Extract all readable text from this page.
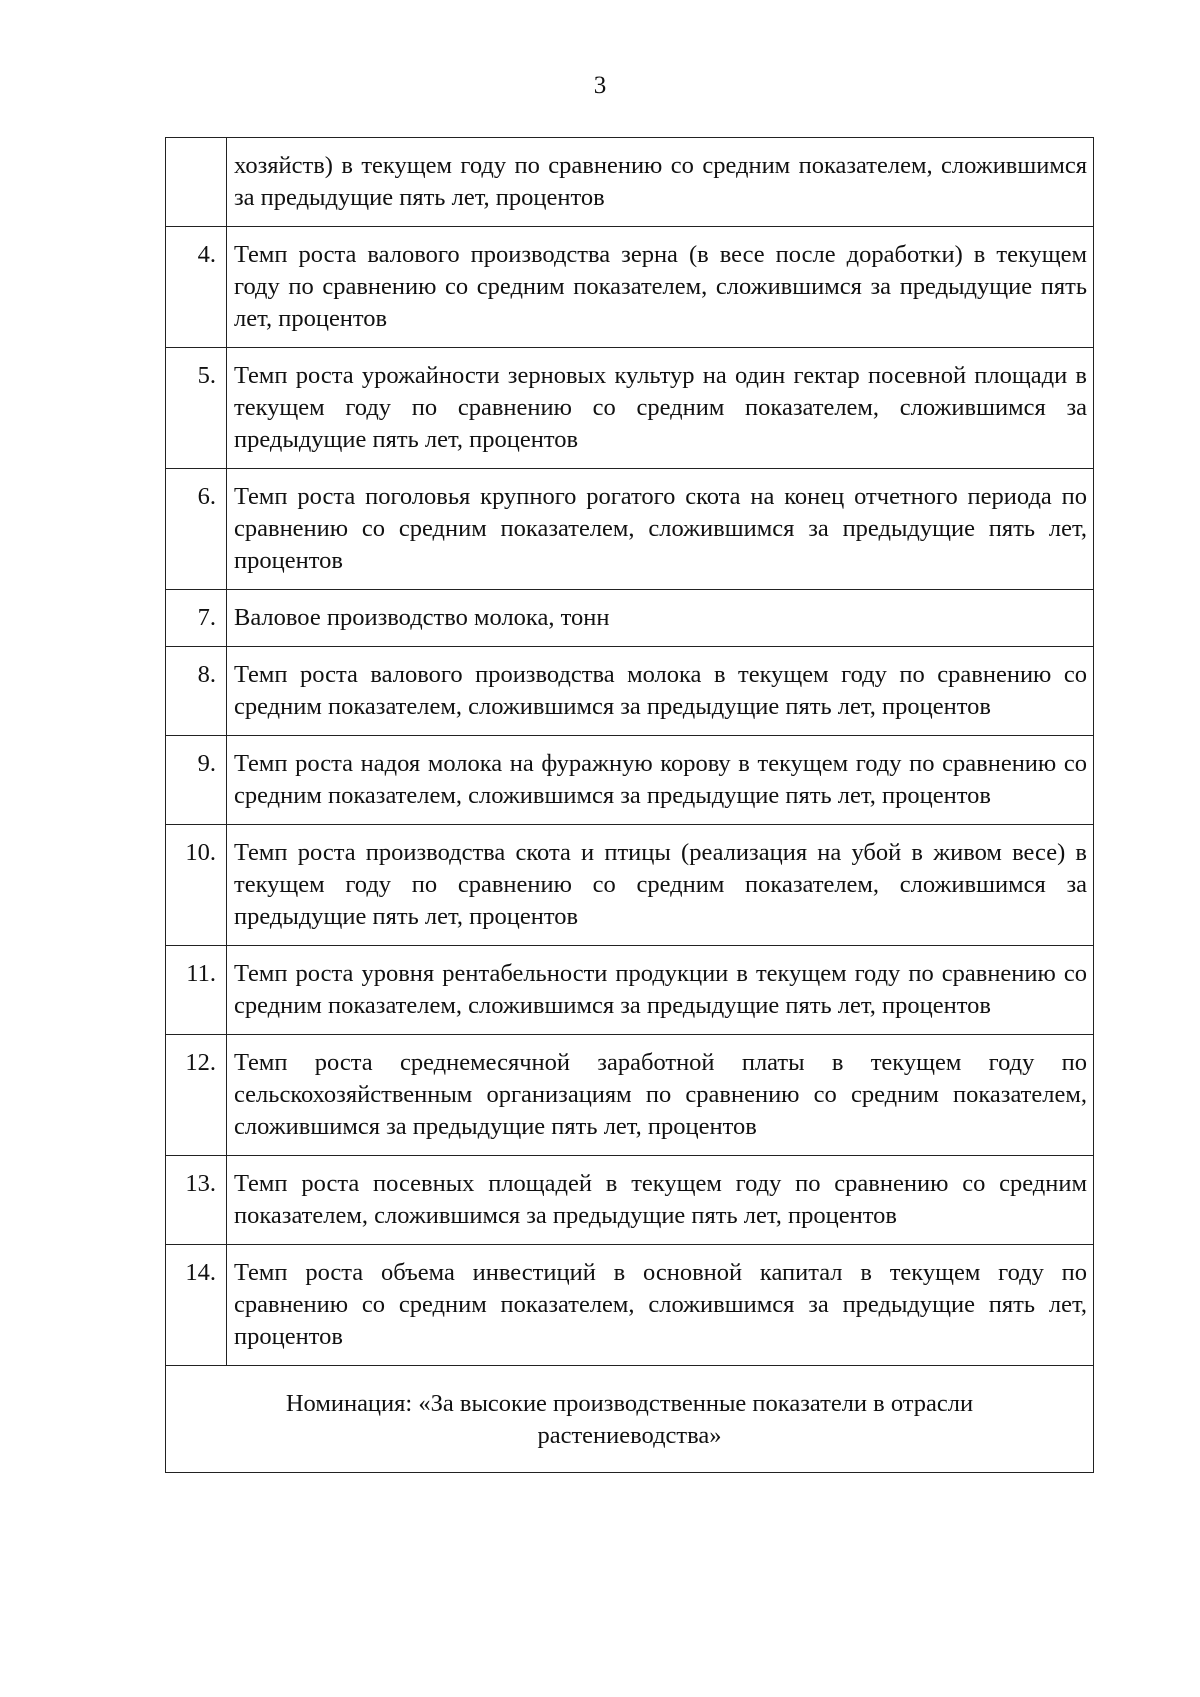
3
	хозяйств) в текущем году по сравнению со средним показателем, сложившимся за предыдущие пять лет, процентов
4.	Темп роста валового производства зерна (в весе после доработки) в текущем году по сравнению со средним показателем, сложившимся за предыдущие пять лет, процентов
5.	Темп роста урожайности зерновых культур на один гектар посевной площади в текущем году по сравнению со средним показателем, сложившимся за предыдущие пять лет, процентов
6.	Темп роста поголовья крупного рогатого скота на конец отчетного периода по сравнению со средним показателем, сложившимся за предыдущие пять лет, процентов
7.	Валовое производство молока, тонн
8.	Темп роста валового производства молока в текущем году по сравнению со средним показателем, сложившимся за предыдущие пять лет, процентов
9.	Темп роста надоя молока на фуражную корову в текущем году по сравнению со средним показателем, сложившимся за предыдущие пять лет, процентов
10.	Темп роста производства скота и птицы (реализация на убой в живом весе) в текущем году по сравнению со средним показателем, сложившимся за предыдущие пять лет, процентов
11.	Темп роста уровня рентабельности продукции в текущем году по сравнению со средним показателем, сложившимся за предыдущие пять лет, процентов
12.	Темп роста среднемесячной заработной платы в текущем году по сельскохозяйственным организациям по сравнению со средним показателем, сложившимся за предыдущие пять лет, процентов
13.	Темп роста посевных площадей в текущем году по сравнению со средним показателем, сложившимся за предыдущие пять лет, процентов
14.	Темп роста объема инвестиций в основной капитал в текущем году по сравнению со средним показателем, сложившимся за предыдущие пять лет, процентов
Номинация: «За высокие производственные показатели в отрасли растениеводства»	
